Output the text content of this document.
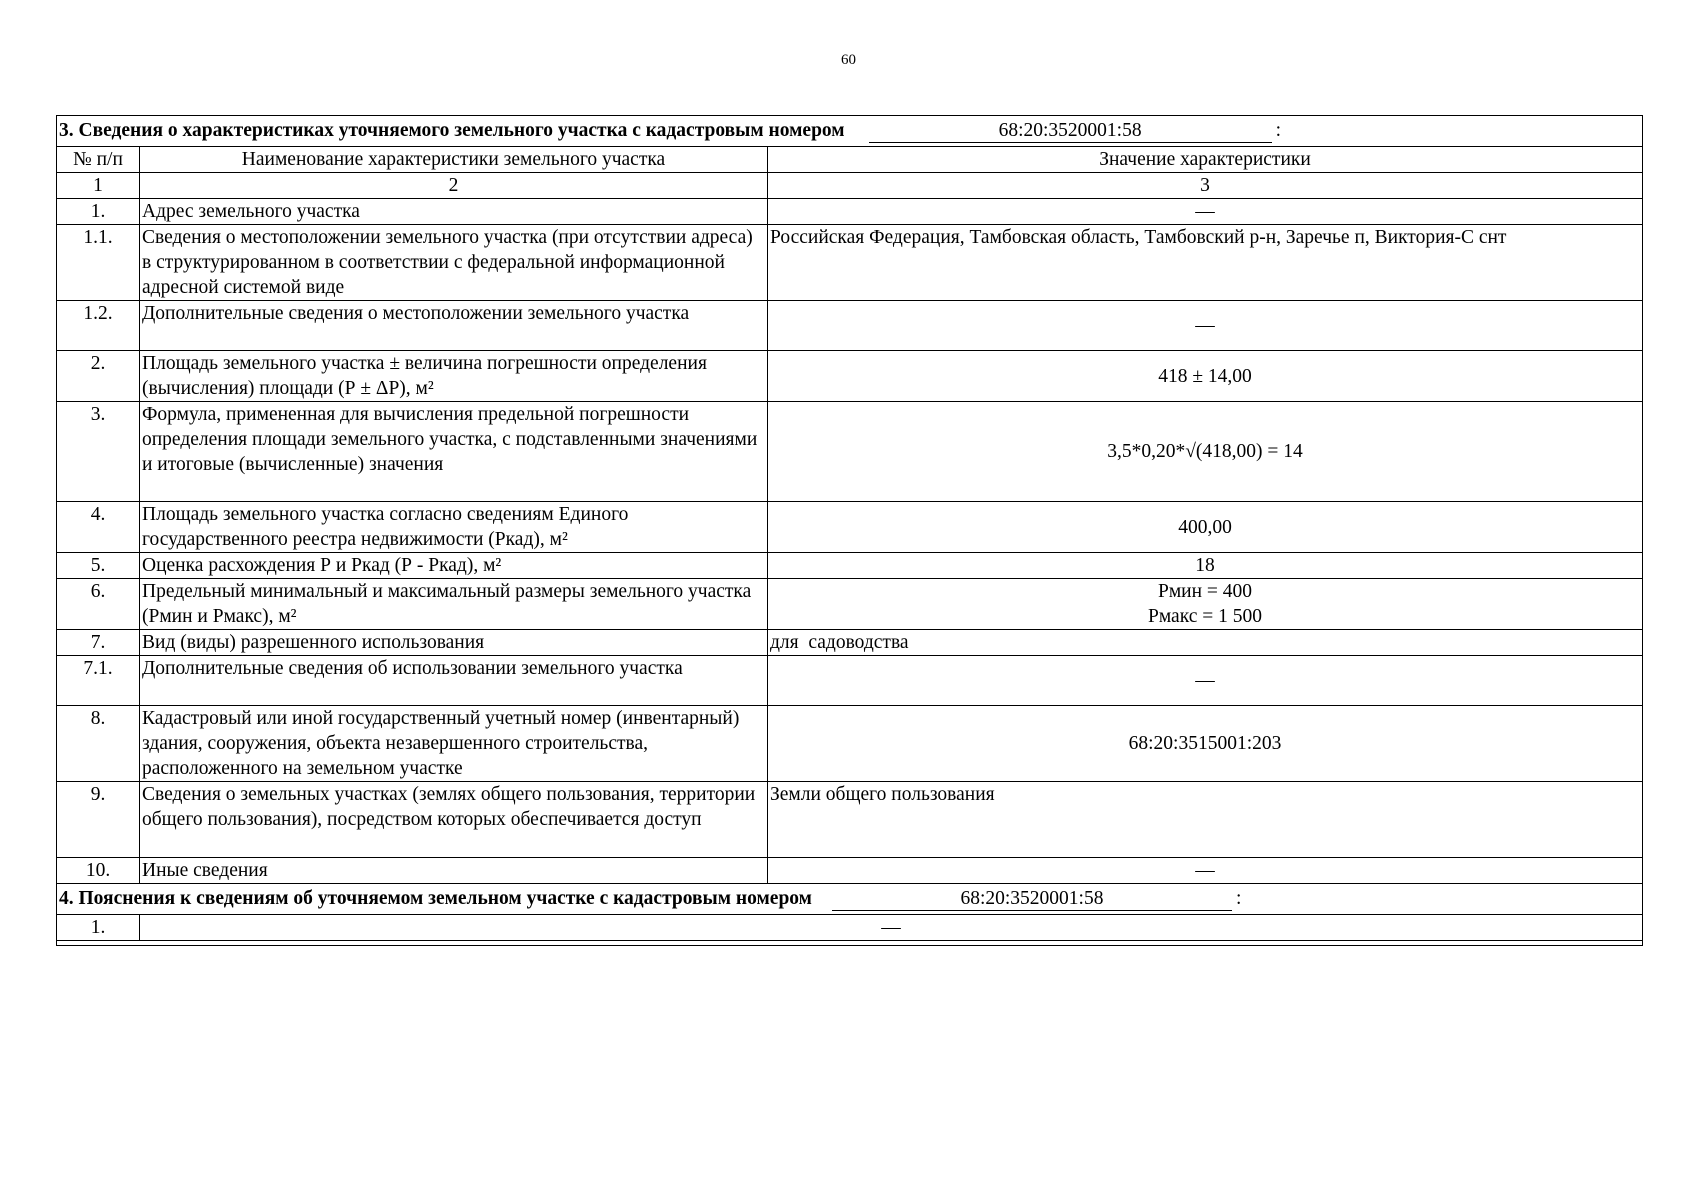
60
3. Сведения о характеристиках уточняемого земельного участка с кадастровым номером 68:20:3520001:58 :		
№ п/п	Наименование характеристики земельного участка	Значение характеристики
1	2	3
1.	Адрес земельного участка	—
1.1.	Сведения о местоположении земельного участка (при отсутствии адреса) в структурированном в соответствии с федеральной информационной адресной системой виде	Российская Федерация, Тамбовская область, Тамбовский р-н, Заречье п, Виктория-С снт
1.2.	Дополнительные сведения о местоположении земельного участка	—
2.	Площадь земельного участка ± величина погрешности определения (вычисления) площади (Р ± ΔР), м²	418 ± 14,00
3.	Формула, примененная для вычисления предельной погрешности определения площади земельного участка, с подставленными значениями и итоговые (вычисленные) значения	3,5*0,20*√(418,00) = 14
4.	Площадь земельного участка согласно сведениям Единого государственного реестра недвижимости (Ркад), м²	400,00
5.	Оценка расхождения Р и Ркад (Р - Ркад), м²	18
6.	Предельный минимальный и максимальный размеры земельного участка (Рмин и Рмакс), м²	Рмин = 400
Рмакс = 1 500

7.	Вид (виды) разрешенного использования	для  садоводства
7.1.	Дополнительные сведения об использовании земельного участка	—
8.	Кадастровый или иной государственный учетный номер (инвентарный) здания, сооружения, объекта незавершенного строительства, расположенного на земельном участке	68:20:3515001:203
9.	Сведения о земельных участках (землях общего пользования, территории общего пользования), посредством которых обеспечивается доступ	Земли общего пользования
10.	Иные сведения	—
4. Пояснения к сведениям об уточняемом земельном участке с кадастровым номером 68:20:3520001:58 :		
1.	—	
